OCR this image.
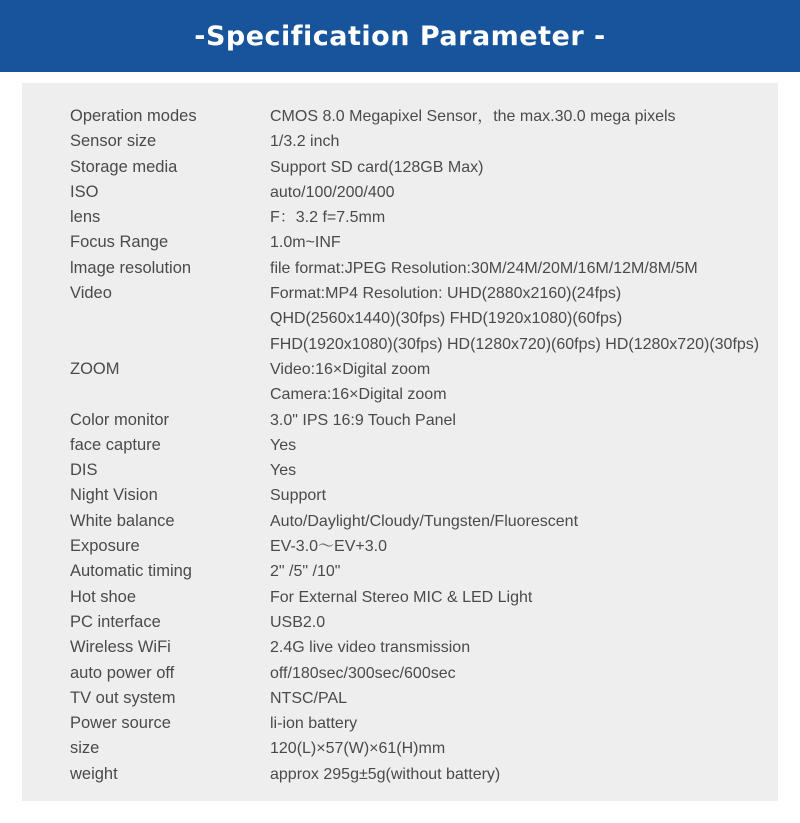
-Specification Parameter -
Operation modes	CMOS 8.0 Megapixel Sensor，the max.30.0 mega pixels
Sensor size	1/3.2 inch
Storage media	Support SD card(128GB Max)
ISO	auto/100/200/400
lens	F：3.2 f=7.5mm
Focus Range	1.0m~INF
lmage resolution	file format:JPEG Resolution:30M/24M/20M/16M/12M/8M/5M
Video	Format:MP4 Resolution: UHD(2880x2160)(24fps)
QHD(2560x1440)(30fps) FHD(1920x1080)(60fps)
FHD(1920x1080)(30fps) HD(1280x720)(60fps) HD(1280x720)(30fps)
ZOOM	Video:16×Digital zoom
Camera:16×Digital zoom
Color monitor	3.0" IPS 16:9 Touch Panel
face capture	Yes
DIS	Yes
Night Vision	Support
White balance	Auto/Daylight/Cloudy/Tungsten/Fluorescent
Exposure	EV-3.0～EV+3.0
Automatic timing	2" /5" /10"
Hot shoe	For External Stereo MIC & LED Light
PC interface	USB2.0
Wireless WiFi	2.4G live video transmission
auto power off	off/180sec/300sec/600sec
TV out system	NTSC/PAL
Power source	li-ion battery
size	120(L)×57(W)×61(H)mm
weight	approx 295g±5g(without battery)
